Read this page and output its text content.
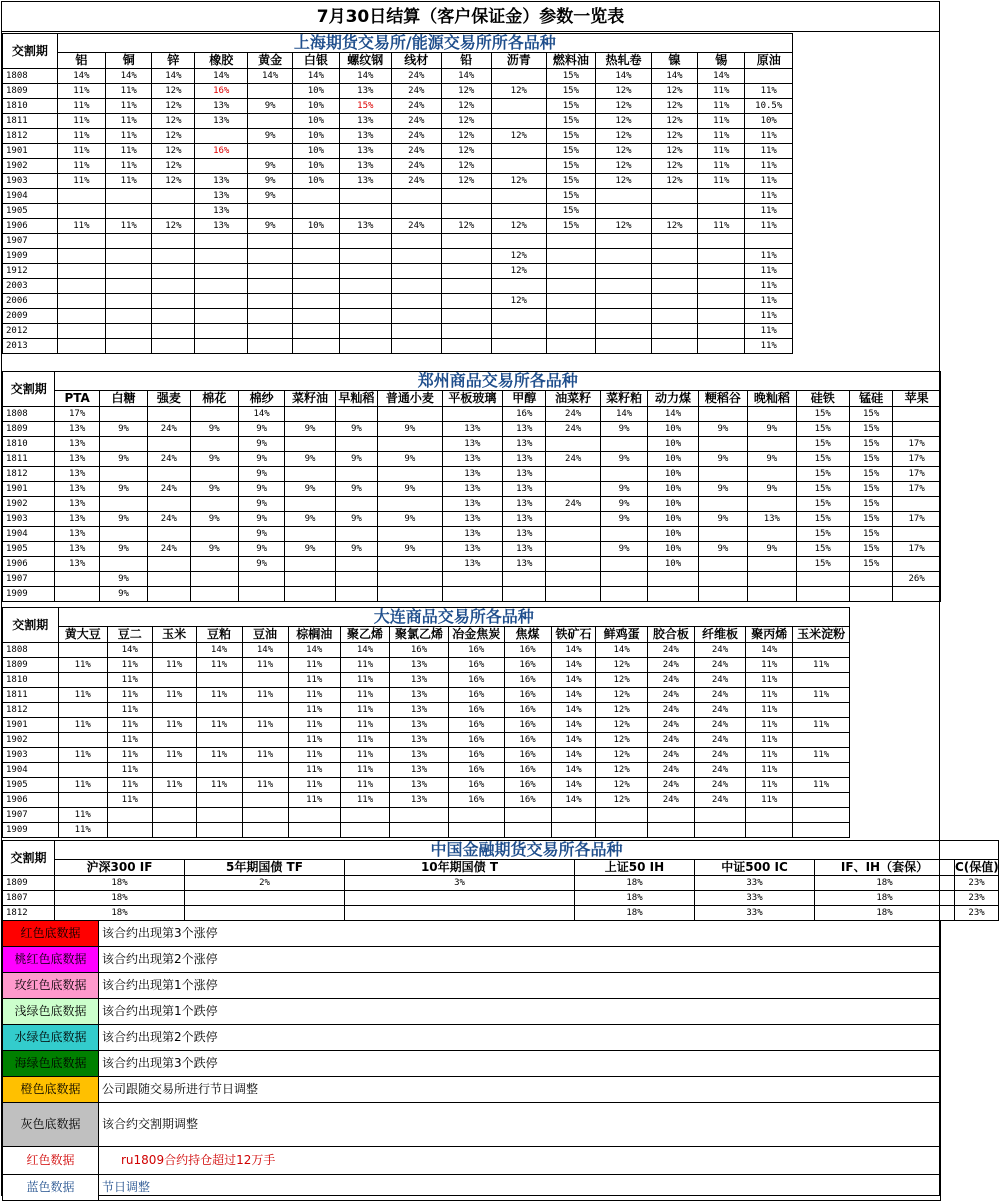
7月30日结算（客户保证金）参数一览表
交割期	上海期货交易所/能源交易所所各品种														
	铝	铜	锌	橡胶	黄金	白银	螺纹钢	线材	铅	沥青	燃料油	热轧卷	镍	锡	原油
1808	14%	14%	14%	14%	14%	14%	14%	24%	14%		15%	14%	14%	14%	
1809	11%	11%	12%	16%		10%	13%	24%	12%	12%	15%	12%	12%	11%	11%
1810	11%	11%	12%	13%	9%	10%	15%	24%	12%		15%	12%	12%	11%	10.5%
1811	11%	11%	12%	13%		10%	13%	24%	12%		15%	12%	12%	11%	10%
1812	11%	11%	12%		9%	10%	13%	24%	12%	12%	15%	12%	12%	11%	11%
1901	11%	11%	12%	16%		10%	13%	24%	12%		15%	12%	12%	11%	11%
1902	11%	11%	12%		9%	10%	13%	24%	12%		15%	12%	12%	11%	11%
1903	11%	11%	12%	13%	9%	10%	13%	24%	12%	12%	15%	12%	12%	11%	11%
1904				13%	9%						15%				11%
1905				13%							15%				11%
1906	11%	11%	12%	13%	9%	10%	13%	24%	12%	12%	15%	12%	12%	11%	11%
1907															
1909										12%					11%
1912										12%					11%
2003															11%
2006										12%					11%
2009															11%
2012															11%
2013															11%
交割期	郑州商品交易所各品种																	
	PTA	白糖	强麦	棉花	棉纱	菜籽油	早籼稻	普通小麦	平板玻璃	甲醇	油菜籽	菜籽粕	动力煤	粳稻谷	晚籼稻	硅铁	锰硅	苹果
1808	17%				14%					16%	24%	14%	14%			15%	15%	
1809	13%	9%	24%	9%	9%	9%	9%	9%	13%	13%	24%	9%	10%	9%	9%	15%	15%	
1810	13%				9%				13%	13%			10%			15%	15%	17%
1811	13%	9%	24%	9%	9%	9%	9%	9%	13%	13%	24%	9%	10%	9%	9%	15%	15%	17%
1812	13%				9%				13%	13%			10%			15%	15%	17%
1901	13%	9%	24%	9%	9%	9%	9%	9%	13%	13%		9%	10%	9%	9%	15%	15%	17%
1902	13%				9%				13%	13%	24%	9%	10%			15%	15%	
1903	13%	9%	24%	9%	9%	9%	9%	9%	13%	13%		9%	10%	9%	13%	15%	15%	17%
1904	13%				9%				13%	13%			10%			15%	15%	
1905	13%	9%	24%	9%	9%	9%	9%	9%	13%	13%		9%	10%	9%	9%	15%	15%	17%
1906	13%				9%				13%	13%			10%			15%	15%	
1907		9%																26%
1909		9%																
交割期	大连商品交易所各品种															
	黄大豆	豆二	玉米	豆粕	豆油	棕榈油	聚乙烯	聚氯乙烯	冶金焦炭	焦煤	铁矿石	鲜鸡蛋	胶合板	纤维板	聚丙烯	玉米淀粉
1808		14%		14%	14%	14%	14%	16%	16%	16%	14%	14%	24%	24%	14%	
1809	11%	11%	11%	11%	11%	11%	11%	13%	16%	16%	14%	12%	24%	24%	11%	11%
1810		11%				11%	11%	13%	16%	16%	14%	12%	24%	24%	11%	
1811	11%	11%	11%	11%	11%	11%	11%	13%	16%	16%	14%	12%	24%	24%	11%	11%
1812		11%				11%	11%	13%	16%	16%	14%	12%	24%	24%	11%	
1901	11%	11%	11%	11%	11%	11%	11%	13%	16%	16%	14%	12%	24%	24%	11%	11%
1902		11%				11%	11%	13%	16%	16%	14%	12%	24%	24%	11%	
1903	11%	11%	11%	11%	11%	11%	11%	13%	16%	16%	14%	12%	24%	24%	11%	11%
1904		11%				11%	11%	13%	16%	16%	14%	12%	24%	24%	11%	
1905	11%	11%	11%	11%	11%	11%	11%	13%	16%	16%	14%	12%	24%	24%	11%	11%
1906		11%				11%	11%	13%	16%	16%	14%	12%	24%	24%	11%	
1907	11%															
1909	11%															
交割期	中国金融期货交易所各品种						
	沪深300 IF	5年期国债 TF	10年期国债 T	上证50 IH	中证500 IC	IF、IH（套保）	C(保值)
1809	18%	2%	3%	18%	33%	18%	23%
1807	18%			18%	33%	18%	23%
1812	18%			18%	33%	18%	23%
红色底数据	该合约出现第3个涨停
桃红色底数据	该合约出现第2个涨停
玫红色底数据	该合约出现第1个涨停
浅绿色底数据	该合约出现第1个跌停
水绿色底数据	该合约出现第2个跌停
海绿色底数据	该合约出现第3个跌停
橙色底数据	公司跟随交易所进行节日调整
灰色底数据	该合约交割期调整
红色数据	ru1809合约持仓超过12万手
蓝色数据	节日调整
